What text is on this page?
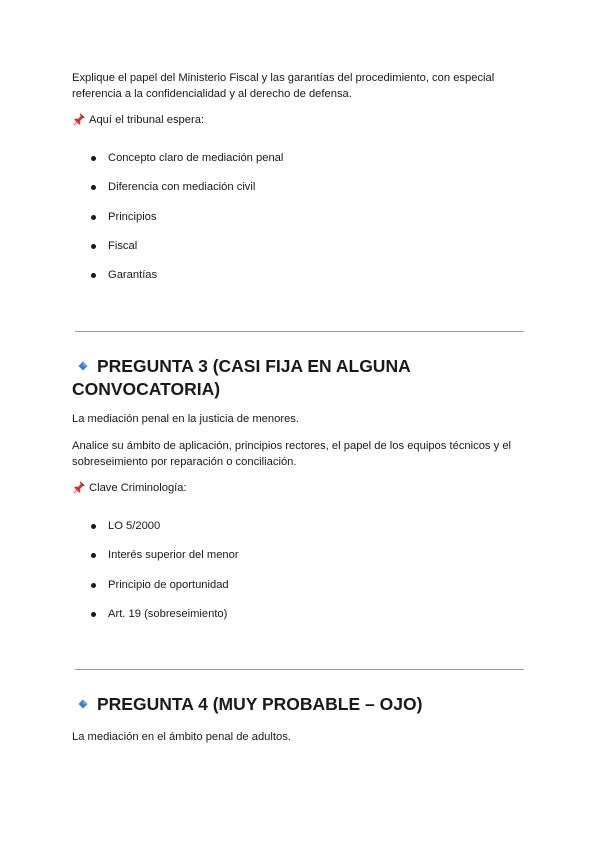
Explique el papel del Ministerio Fiscal y las garantías del procedimiento, con especial
referencia a la confidencialidad y al derecho de defensa.

Aquí el tribunal espera:
Concepto claro de mediación penal
Diferencia con mediación civil
Principios
Fiscal
Garantías
PREGUNTA 3 (CASI FIJA EN ALGUNA
CONVOCATORIA)

La mediación penal en la justicia de menores.

Analice su ámbito de aplicación, principios rectores, el papel de los equipos técnicos y el
sobreseimiento por reparación o conciliación.

Clave Criminología:
LO 5/2000
Interés superior del menor
Principio de oportunidad
Art. 19 (sobreseimiento)
PREGUNTA 4 (MUY PROBABLE – OJO)

La mediación en el ámbito penal de adultos.
